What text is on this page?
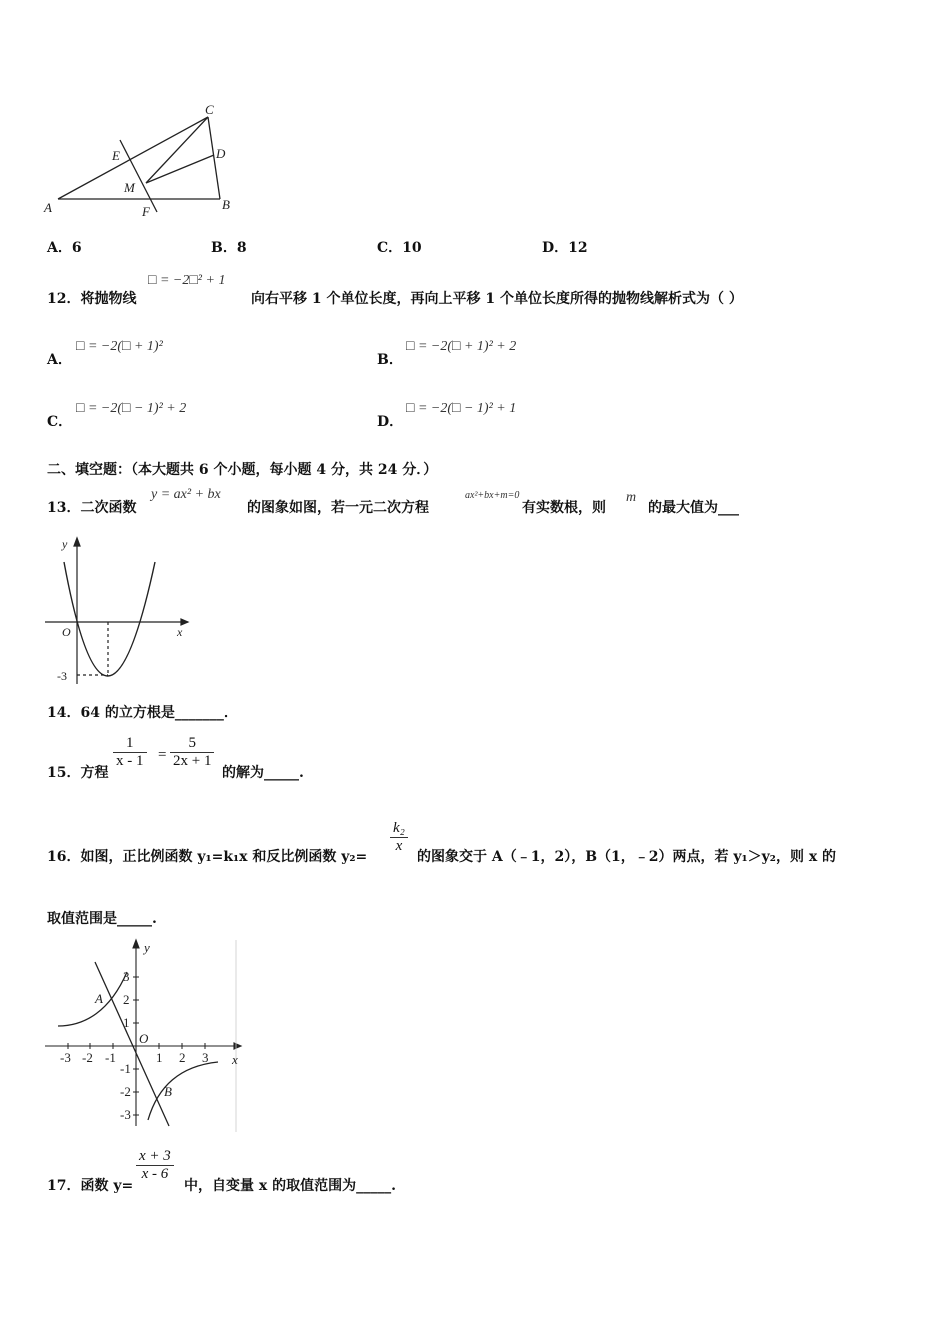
A	B
C
D
E
F
M
A．6	B．8	C．10	D．12
12．将抛物线
□ = −2□² + 1
向右平移 1 个单位长度，再向上平移 1 个单位长度所得的抛物线解析式为（ ）
A．
□ = −2(□ + 1)²
B．
□ = −2(□ + 1)² + 2
C．
□ = −2(□ − 1)² + 2
D．
□ = −2(□ − 1)² + 1
二、填空题：（本大题共 6 个小题，每小题 4 分，共 24 分．）
13．二次函数
y = ax² + bx
的图象如图，若一元二次方程
ax²+bx+m=0
有实数根，则
m
的最大值为___
y
x
O
-3
14．64 的立方根是_______．
15．方程
1
x - 1 =
5
2x + 1
的解为_____.
16．如图，正比例函数 y₁=k₁x 和反比例函数 y₂=
k₂
x
的图象交于 A（﹣1，2），B（1，﹣2）两点，若 y₁＞y₂，则 x 的
取值范围是_____.
y
x
O
A
B
-3 -2 -1	1 2 3
3
2
1
-1
-2
-3
17．函数 y=
x + 3
x - 6
中，自变量 x 的取值范围为_____.
